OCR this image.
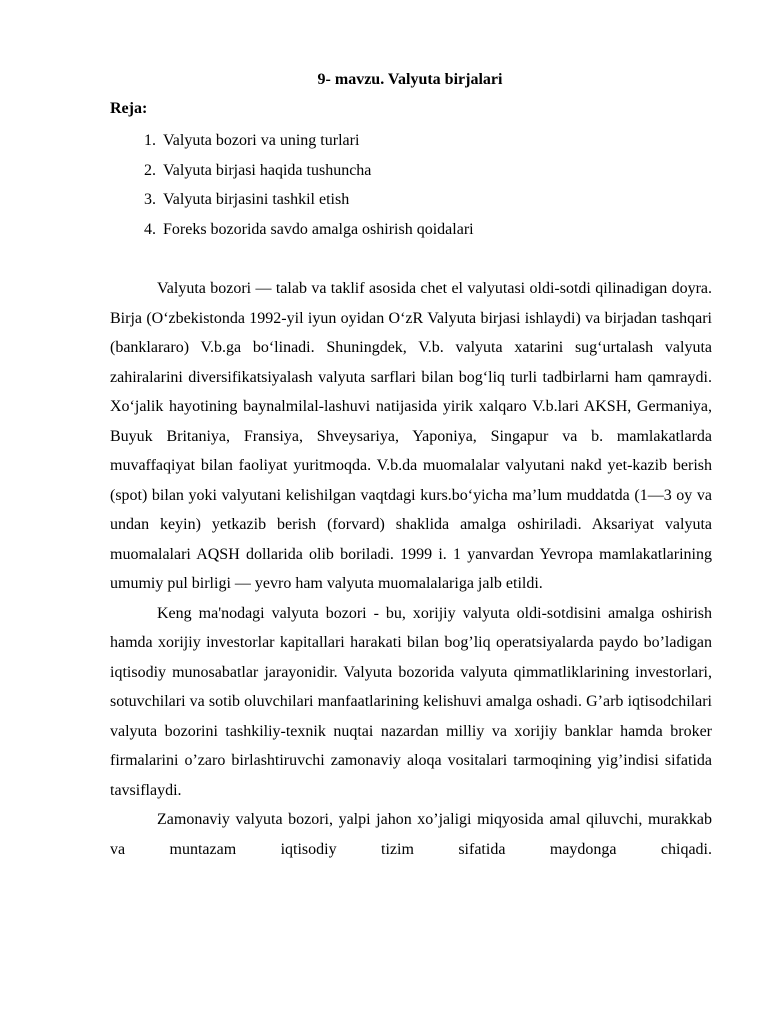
9- mavzu. Valyuta birjalari
Reja:
1. Valyuta bozori va uning turlari
2. Valyuta birjasi haqida tushuncha
3. Valyuta birjasini tashkil etish
4. Foreks bozorida savdo amalga oshirish qoidalari

Valyuta bozori — talab va taklif asosida chet el valyutasi oldi-sotdi qilinadigan doyra. Birja (O‘zbekistonda 1992-yil iyun oyidan O‘zR Valyuta birjasi ishlaydi) va birjadan tashqari (banklararo) V.b.ga bo‘linadi. Shuningdek, V.b. valyuta xatarini sug‘urtalash valyuta zahiralarini diversifikatsiyalash valyuta sarflari bilan bog‘liq turli tadbirlarni ham qamraydi. Xo‘jalik hayotining baynalmilal-lashuvi natijasida yirik xalqaro V.b.lari AKSH, Germaniya, Buyuk Britaniya, Fransiya, Shveysariya, Yaponiya, Singapur va b. mamlakatlarda muvaffaqiyat bilan faoliyat yuritmoqda. V.b.da muomalalar valyutani nakd yet-kazib berish (spot) bilan yoki valyutani kelishilgan vaqtdagi kurs.bo‘yicha ma’lum muddatda (1—3 oy va undan keyin) yetkazib berish (forvard) shaklida amalga oshiriladi. Aksariyat valyuta muomalalari AQSH dollarida olib boriladi. 1999 i. 1 yanvardan Yevropa mamlakatlarining umumiy pul birligi — yevro ham valyuta muomalalariga jalb etildi.

Keng ma'nodagi valyuta bozori - bu, xorijiy valyuta oldi-sotdisini amalga oshirish hamda xorijiy investorlar kapitallari harakati bilan bog’liq operatsiyalarda paydo bo’ladigan iqtisodiy munosabatlar jarayonidir. Valyuta bozorida valyuta qimmatliklarining investorlari, sotuvchilari va sotib oluvchilari manfaatlarining kelishuvi amalga oshadi. G’arb iqtisodchilari valyuta bozorini tashkiliy-texnik nuqtai nazardan milliy va xorijiy banklar hamda broker firmalarini o’zaro birlashtiruvchi zamonaviy aloqa vositalari tarmoqining yig’indisi sifatida tavsiflaydi.

Zamonaviy valyuta bozori, yalpi jahon xo’jaligi miqyosida amal qiluvchi, murakkab va muntazam iqtisodiy tizim sifatida maydonga chiqadi.
